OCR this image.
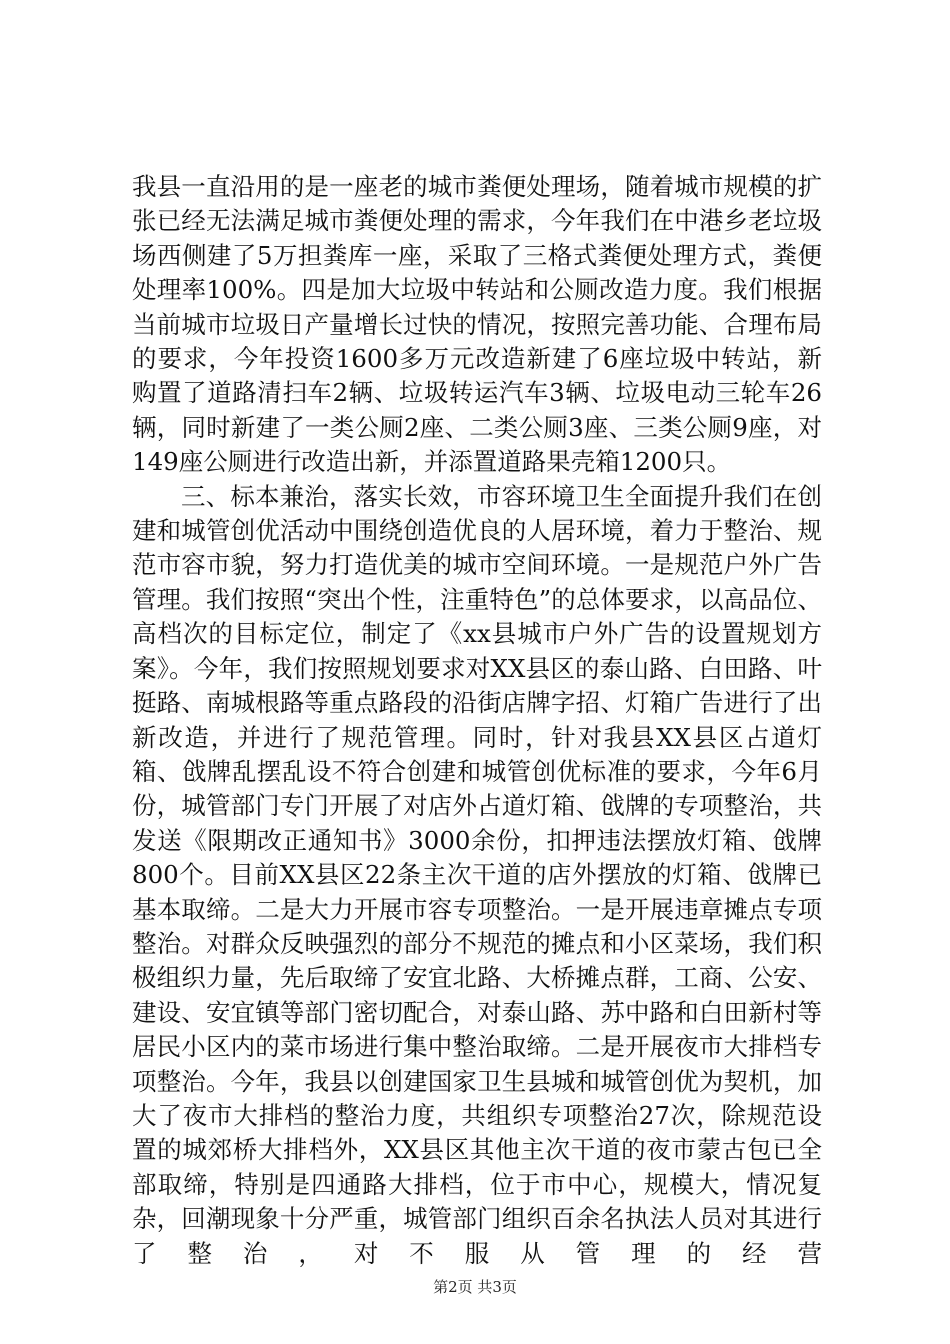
我县一直沿用的是一座老的城市粪便处理场，随着城市规模的扩张已经无法满足城市粪便处理的需求，今年我们在中港乡老垃圾场西侧建了5万担粪库一座，采取了三格式粪便处理方式，粪便处理率100%。四是加大垃圾中转站和公厕改造力度。我们根据当前城市垃圾日产量增长过快的情况，按照完善功能、合理布局的要求，今年投资1600多万元改造新建了6座垃圾中转站，新购置了道路清扫车2辆、垃圾转运汽车3辆、垃圾电动三轮车26辆，同时新建了一类公厕2座、二类公厕3座、三类公厕9座，对149座公厕进行改造出新，并添置道路果壳箱1200只。

三、标本兼治，落实长效，市容环境卫生全面提升我们在创建和城管创优活动中围绕创造优良的人居环境，着力于整治、规范市容市貌，努力打造优美的城市空间环境。一是规范户外广告管理。我们按照“突出个性，注重特色”的总体要求，以高品位、高档次的目标定位，制定了《xx县城市户外广告的设置规划方案》。今年，我们按照规划要求对XX县区的泰山路、白田路、叶挺路、南城根路等重点路段的沿街店牌字招、灯箱广告进行了出新改造，并进行了规范管理。同时，针对我县XX县区占道灯箱、戗牌乱摆乱设不符合创建和城管创优标准的要求，今年6月份，城管部门专门开展了对店外占道灯箱、戗牌的专项整治，共发送《限期改正通知书》3000余份，扣押违法摆放灯箱、戗牌800个。目前XX县区22条主次干道的店外摆放的灯箱、戗牌已基本取缔。二是大力开展市容专项整治。一是开展违章摊点专项整治。对群众反映强烈的部分不规范的摊点和小区菜场，我们积极组织力量，先后取缔了安宜北路、大桥摊点群，工商、公安、建设、安宜镇等部门密切配合，对泰山路、苏中路和白田新村等居民小区内的菜市场进行集中整治取缔。二是开展夜市大排档专项整治。今年，我县以创建国家卫生县城和城管创优为契机，加大了夜市大排档的整治力度，共组织专项整治27次，除规范设置的城郊桥大排档外，XX县区其他主次干道的夜市蒙古包已全部取缔，特别是四通路大排档，位于市中心，规模大，情况复杂，回潮现象十分严重，城管部门组织百余名执法人员对其进行了整治，对不服从管理的经营

第2页 共3页
